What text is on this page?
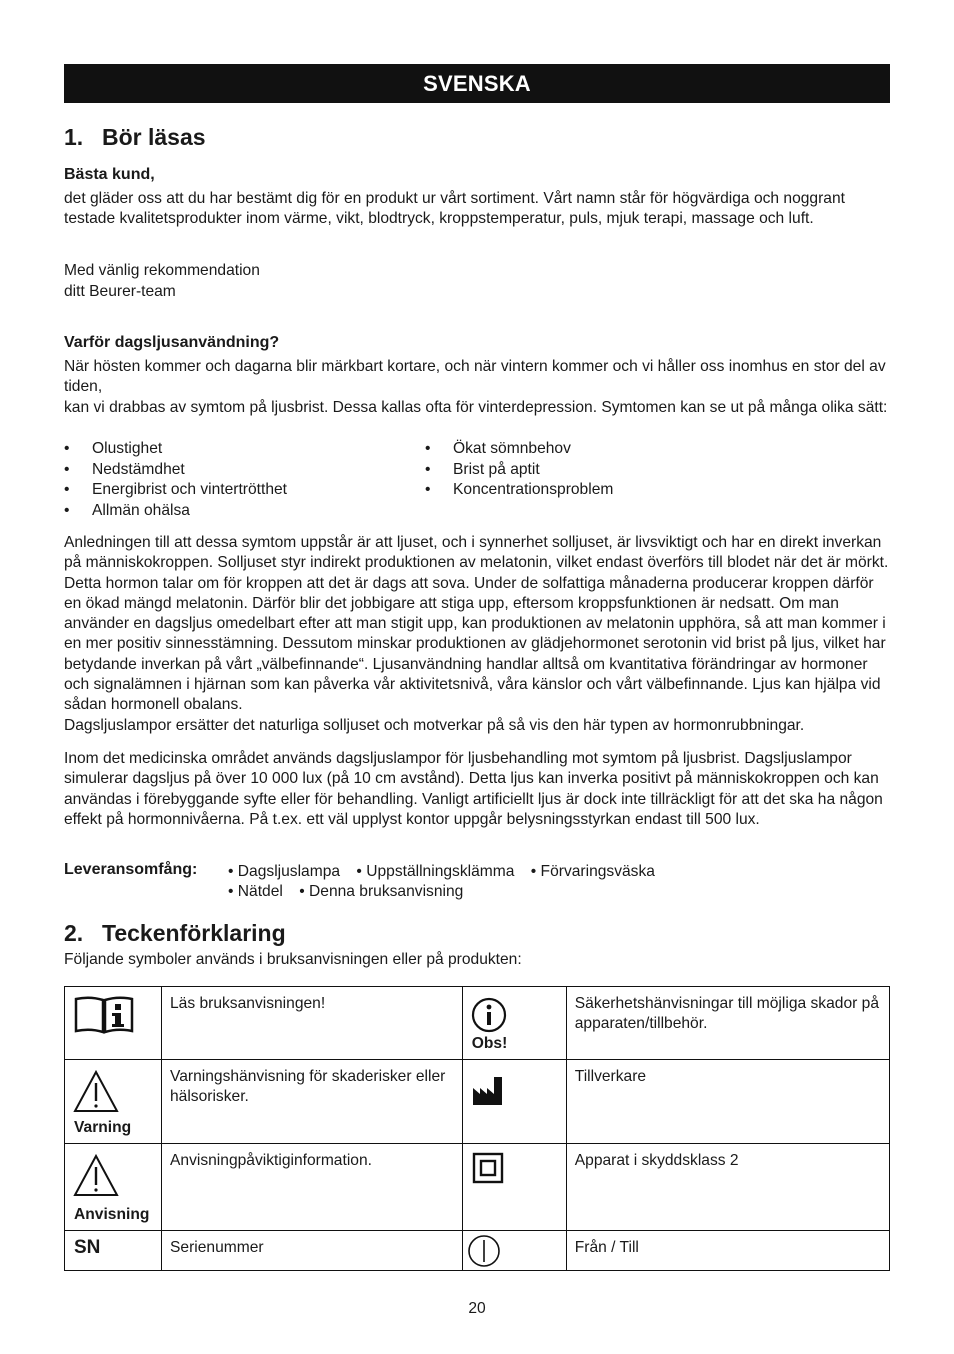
SVENSKA
1. Bör läsas
Bästa kund,

det gläder oss att du har bestämt dig för en produkt ur vårt sortiment. Vårt namn står för högvärdiga och noggrant testade kvalitetsprodukter inom värme, vikt, blodtryck, kroppstemperatur, puls, mjuk terapi, massage och luft.

Med vänlig rekommendation

ditt Beurer-team

Varför dagsljusanvändning?

När hösten kommer och dagarna blir märkbart kortare, och när vintern kommer och vi håller oss inomhus en stor del av tiden,

kan vi drabbas av symtom på ljusbrist. Dessa kallas ofta för vinterdepression. Symtomen kan se ut på många olika sätt:

• Olustighet
• Nedstämdhet
• Energibrist och vintertrötthet
• Allmän ohälsa
• Ökat sömnbehov
• Brist på aptit
• Koncentrationsproblem

Anledningen till att dessa symtom uppstår är att ljuset, och i synnerhet solljuset, är livsviktigt och har en direkt inverkan på människokroppen. Solljuset styr indirekt produktionen av melatonin, vilket endast överförs till blodet när det är mörkt. Detta hormon talar om för kroppen att det är dags att sova. Under de solfattiga månaderna producerar kroppen därför en ökad mängd melatonin. Därför blir det jobbigare att stiga upp, eftersom kroppsfunktionen är nedsatt. Om man använder en dagsljus omedelbart efter att man stigit upp, kan produktionen av melatonin upphöra, så att man kommer i en mer positiv sinnesstämning. Dessutom minskar produktionen av glädjehormonet serotonin vid brist på ljus, vilket har betydande inverkan på vårt „välbefinnande“. Ljusanvändning handlar alltså om kvantitativa förändringar av hormoner och signalämnen i hjärnan som kan påverka vår aktivitetsnivå, våra känslor och vårt välbefinnande. Ljus kan hjälpa vid sådan hormonell obalans.

Dagsljuslampor ersätter det naturliga solljuset och motverkar på så vis den här typen av hormonrubbningar.

Inom det medicinska området används dagsljuslampor för ljusbehandling mot symtom på ljusbrist. Dagsljuslampor simulerar dagsljus på över 10 000 lux (på 10 cm avstånd). Detta ljus kan inverka positivt på människokroppen och kan användas i förebyggande syfte eller för behandling. Vanligt artificiellt ljus är dock inte tillräckligt för att det ska ha någon effekt på hormonnivåerna. På t.ex. ett väl upplyst kontor uppgår belysningsstyrkan endast till 500 lux.

Leveransomfång: • Dagsljuslampa • Uppställningsklämma • Förvaringsväska
• Nätdel • Denna bruksanvisning
2. Teckenförklaring

Följande symboler används i bruksanvisningen eller på produkten:

	Läs bruksanvisningen!	Obs!	Säkerhetshänvisningar till möjliga skador på apparaten/tillbehör.

Varning	Varningshänvisning för skaderisker eller hälsorisker.		Tillverkare

Anvisning	Anvisningpåviktiginformation.		Apparat i skyddsklass 2

SN	Serienummer		Från / Till
20
